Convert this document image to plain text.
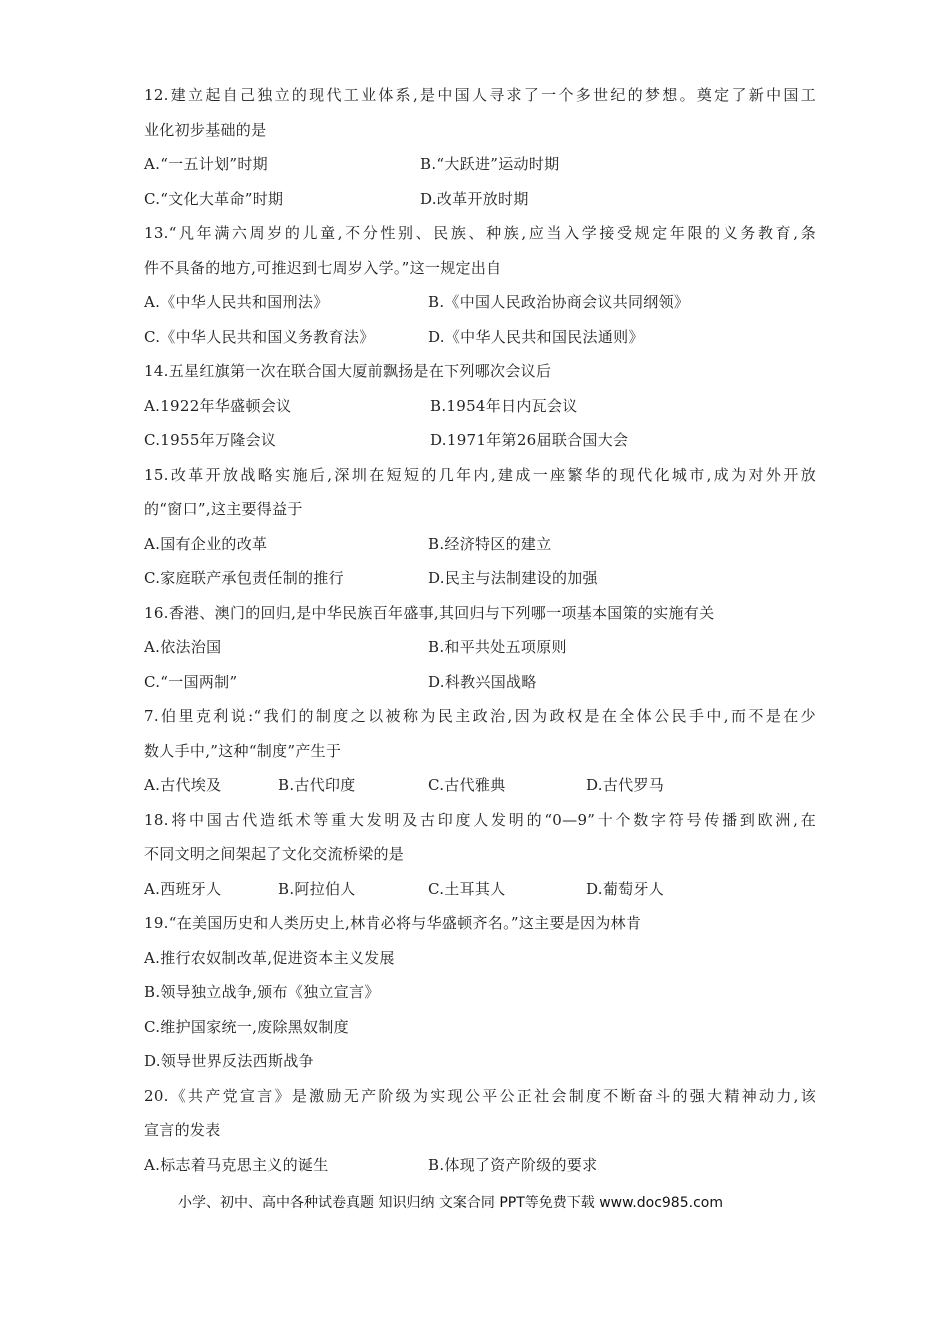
12.建立起自己独立的现代工业体系,是中国人寻求了一个多世纪的梦想。奠定了新中国工
业化初步基础的是
A.“一五计划”时期	B.“大跃进”运动时期
C.“文化大革命”时期	D.改革开放时期
13.“凡年满六周岁的儿童,不分性别、民族、种族,应当入学接受规定年限的义务教育,条
件不具备的地方,可推迟到七周岁入学。”这一规定出自
A.《中华人民共和国刑法》	B.《中国人民政治协商会议共同纲领》
C.《中华人民共和国义务教育法》	D.《中华人民共和国民法通则》
14.五星红旗第一次在联合国大厦前飘扬是在下列哪次会议后
A.1922年华盛顿会议	B.1954年日内瓦会议
C.1955年万隆会议	D.1971年第26届联合国大会
15.改革开放战略实施后,深圳在短短的几年内,建成一座繁华的现代化城市,成为对外开放
的“窗口”,这主要得益于
A.国有企业的改革	B.经济特区的建立
C.家庭联产承包责任制的推行	D.民主与法制建设的加强
16.香港、澳门的回归,是中华民族百年盛事,其回归与下列哪一项基本国策的实施有关
A.依法治国	B.和平共处五项原则
C.“一国两制”	D.科教兴国战略
7.伯里克利说:“我们的制度之以被称为民主政治,因为政权是在全体公民手中,而不是在少
数人手中,”这种“制度”产生于
A.古代埃及	B.古代印度	C.古代雅典	D.古代罗马
18.将中国古代造纸术等重大发明及古印度人发明的“0—9”十个数字符号传播到欧洲,在
不同文明之间架起了文化交流桥梁的是
A.西班牙人	B.阿拉伯人	C.土耳其人	D.葡萄牙人
19.“在美国历史和人类历史上,林肯必将与华盛顿齐名。”这主要是因为林肯
A.推行农奴制改革,促进资本主义发展
B.领导独立战争,颁布《独立宣言》
C.维护国家统一,废除黑奴制度
D.领导世界反法西斯战争
20.《共产党宣言》是激励无产阶级为实现公平公正社会制度不断奋斗的强大精神动力,该
宣言的发表
A.标志着马克思主义的诞生	B.体现了资产阶级的要求
小学、初中、高中各种试卷真题 知识归纳 文案合同 PPT等免费下载 www.doc985.com
